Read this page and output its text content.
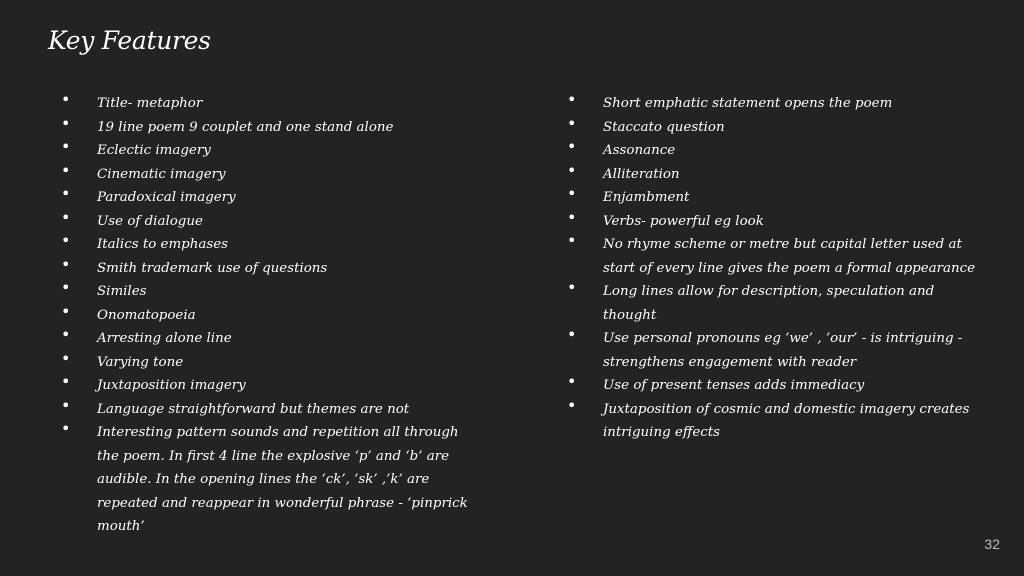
Key Features
• Title- metaphor
• 19 line poem 9 couplet and one stand alone
• Eclectic imagery
• Cinematic imagery
• Paradoxical imagery
• Use of dialogue
• Italics to emphases
• Smith trademark use of questions
• Similes
• Onomatopoeia
• Arresting alone line
• Varying tone
• Juxtaposition imagery
• Language straightforward but themes are not
• Interesting pattern sounds and repetition all through the poem. In first 4 line the explosive ‘p’ and ‘b’ are audible. In the opening lines the ‘ck’, ‘sk’ ,’k’ are repeated and reappear in wonderful phrase - ‘pinprick mouth’
• Short emphatic statement opens the poem
• Staccato question
• Assonance
• Alliteration
• Enjambment
• Verbs- powerful eg look
• No rhyme scheme or metre but capital letter used at start of every line gives the poem a formal appearance
• Long lines allow for description, speculation and thought
• Use personal pronouns eg ‘we’ , ‘our’ - is intriguing - strengthens engagement with reader
• Use of present tenses adds immediacy
• Juxtaposition of cosmic and domestic imagery creates intriguing effects
32
